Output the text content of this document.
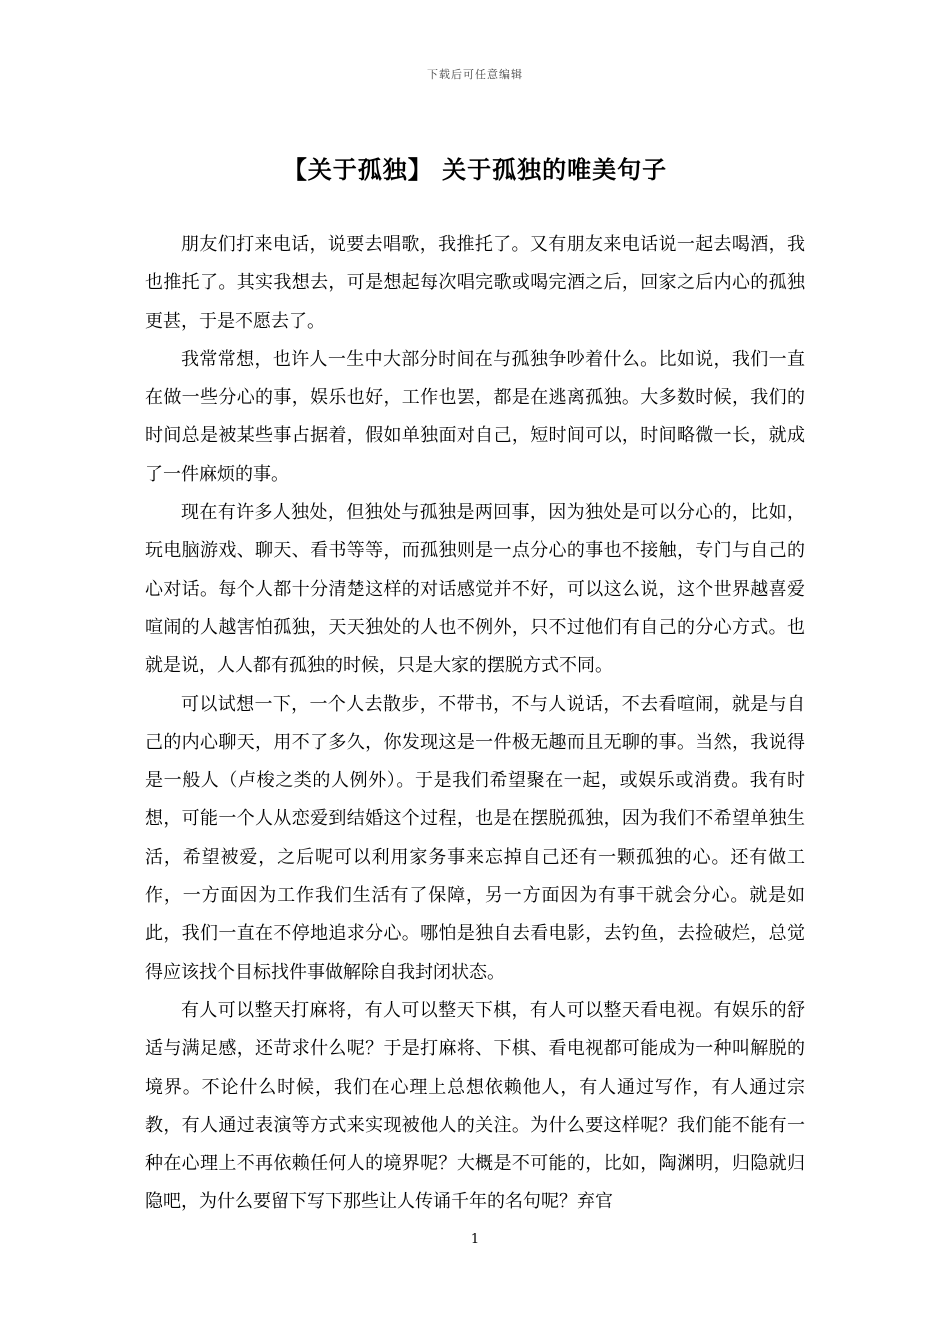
下载后可任意编辑
【关于孤独】 关于孤独的唯美句子

朋友们打来电话，说要去唱歌，我推托了。又有朋友来电话说一起去喝酒，我也推托了。其实我想去，可是想起每次唱完歌或喝完酒之后，回家之后内心的孤独更甚，于是不愿去了。

我常常想，也许人一生中大部分时间在与孤独争吵着什么。比如说，我们一直在做一些分心的事，娱乐也好，工作也罢，都是在逃离孤独。大多数时候，我们的时间总是被某些事占据着，假如单独面对自己，短时间可以，时间略微一长，就成了一件麻烦的事。

现在有许多人独处，但独处与孤独是两回事，因为独处是可以分心的，比如，玩电脑游戏、聊天、看书等等，而孤独则是一点分心的事也不接触，专门与自己的心对话。每个人都十分清楚这样的对话感觉并不好，可以这么说，这个世界越喜爱喧闹的人越害怕孤独，天天独处的人也不例外，只不过他们有自己的分心方式。也就是说，人人都有孤独的时候，只是大家的摆脱方式不同。

可以试想一下，一个人去散步，不带书，不与人说话，不去看喧闹，就是与自己的内心聊天，用不了多久，你发现这是一件极无趣而且无聊的事。当然，我说得是一般人（卢梭之类的人例外）。于是我们希望聚在一起，或娱乐或消费。我有时想，可能一个人从恋爱到结婚这个过程，也是在摆脱孤独，因为我们不希望单独生活，希望被爱，之后呢可以利用家务事来忘掉自己还有一颗孤独的心。还有做工作，一方面因为工作我们生活有了保障，另一方面因为有事干就会分心。就是如此，我们一直在不停地追求分心。哪怕是独自去看电影，去钓鱼，去捡破烂，总觉得应该找个目标找件事做解除自我封闭状态。

有人可以整天打麻将，有人可以整天下棋，有人可以整天看电视。有娱乐的舒适与满足感，还苛求什么呢？于是打麻将、下棋、看电视都可能成为一种叫解脱的境界。不论什么时候，我们在心理上总想依赖他人，有人通过写作，有人通过宗教，有人通过表演等方式来实现被他人的关注。为什么要这样呢？我们能不能有一种在心理上不再依赖任何人的境界呢？大概是不可能的，比如，陶渊明，归隐就归隐吧，为什么要留下写下那些让人传诵千年的名句呢？弃官

1
